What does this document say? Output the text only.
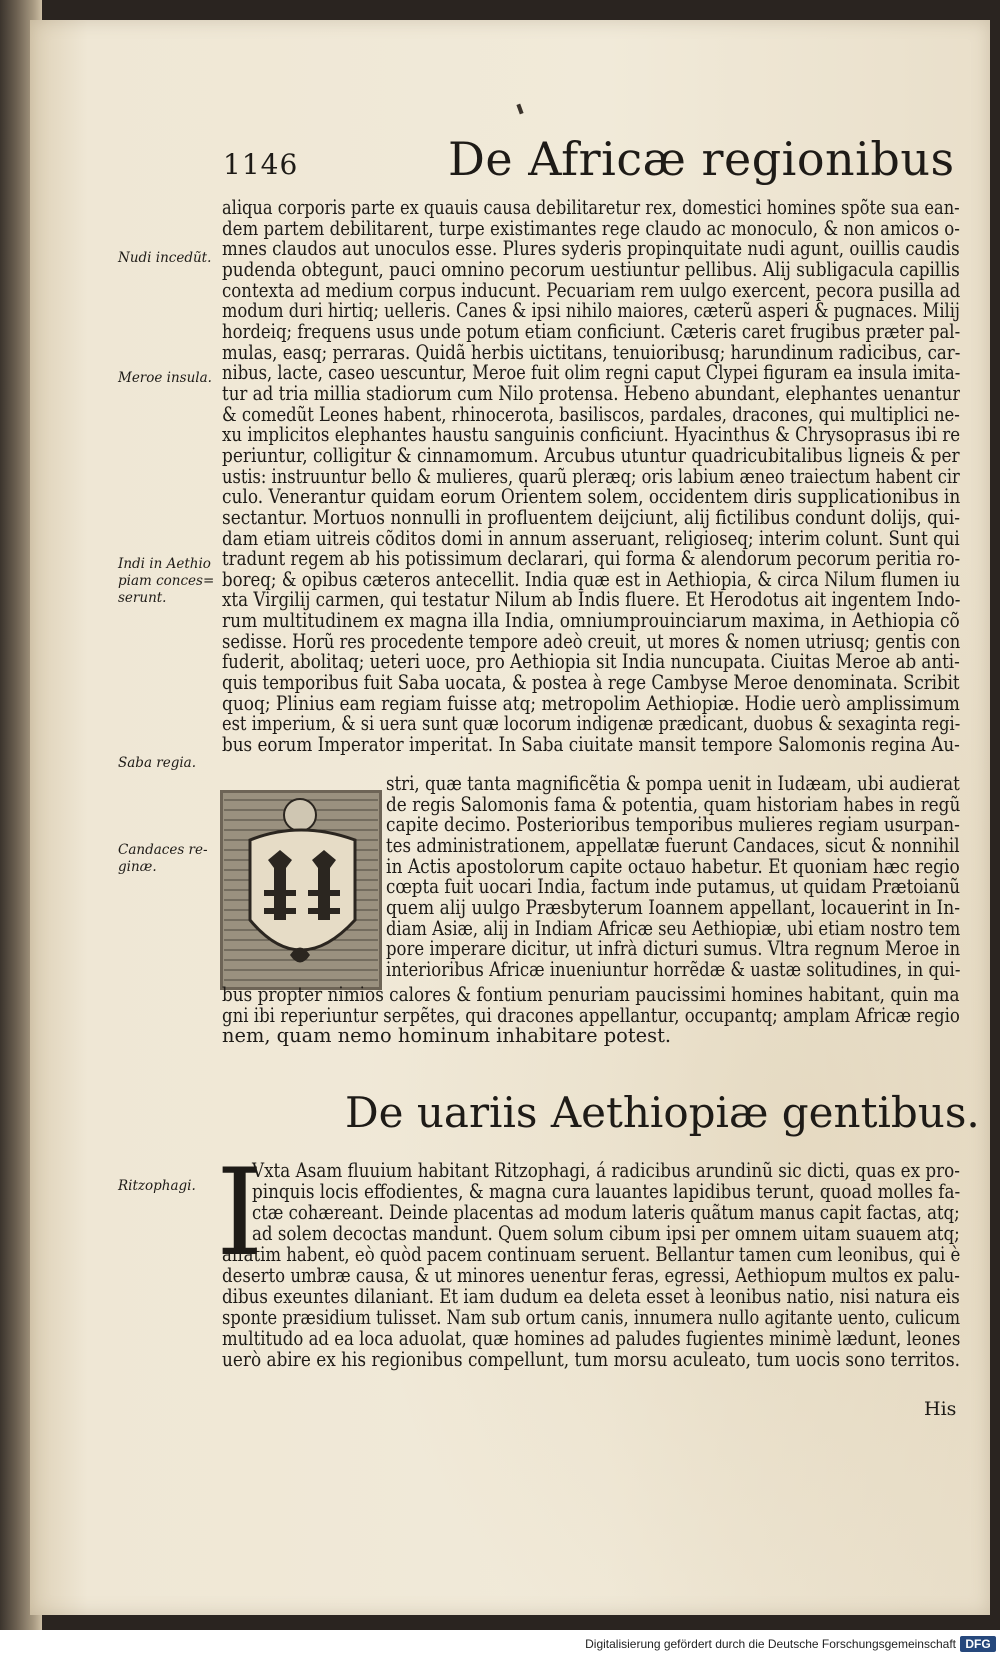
1146	De Africæ regionibus
Nudi incedũt.
Meroe insula.
Indi in Aethio
piam conces=
serunt.
Saba regia.
Candaces re-
ginæ.
Ritzophagi.
aliqua corporis parte ex quauis causa debilitaretur rex, domestici homines spõte sua ean-
dem partem debilitarent, turpe existimantes rege claudo ac monoculo, & non amicos o-
mnes claudos aut unoculos esse. Plures syderis propinquitate nudi agunt, ouillis caudis
pudenda obtegunt, pauci omnino pecorum uestiuntur pellibus. Alij subligacula capillis
contexta ad medium corpus inducunt. Pecuariam rem uulgo exercent, pecora pusilla ad
modum duri hirtiq; uelleris. Canes & ipsi nihilo maiores, cæterũ asperi & pugnaces. Milij
hordeiq; frequens usus unde potum etiam conficiunt. Cæteris caret frugibus præter pal-
mulas, easq; perraras. Quidã herbis uictitans, tenuioribusq; harundinum radicibus, car-
nibus, lacte, caseo uescuntur, Meroe fuit olim regni caput Clypei figuram ea insula imita-
tur ad tria millia stadiorum cum Nilo protensa. Hebeno abundant, elephantes uenantur
& comedũt Leones habent, rhinocerota, basiliscos, pardales, dracones, qui multiplici ne-
xu implicitos elephantes haustu sanguinis conficiunt. Hyacinthus & Chrysoprasus ibi re
periuntur, colligitur & cinnamomum. Arcubus utuntur quadricubitalibus ligneis & per
ustis: instruuntur bello & mulieres, quarũ pleræq; oris labium æneo traiectum habent cir
culo. Venerantur quidam eorum Orientem solem, occidentem diris supplicationibus in
sectantur. Mortuos nonnulli in profluentem deijciunt, alij fictilibus condunt dolijs, qui-
dam etiam uitreis cõditos domi in annum asseruant, religioseq; interim colunt. Sunt qui
tradunt regem ab his potissimum declarari, qui forma & alendorum pecorum peritia ro-
boreq; & opibus cæteros antecellit. India quæ est in Aethiopia, & circa Nilum flumen iu
xta Virgilij carmen, qui testatur Nilum ab Indis fluere. Et Herodotus ait ingentem Indo-
rum multitudinem ex magna illa India, omniumprouinciarum maxima, in Aethiopia cõ
sedisse. Horũ res procedente tempore adeò creuit, ut mores & nomen utriusq; gentis con
fuderit, abolitaq; ueteri uoce, pro Aethiopia sit India nuncupata. Ciuitas Meroe ab anti-
quis temporibus fuit Saba uocata, & postea à rege Cambyse Meroe denominata. Scribit
quoq; Plinius eam regiam fuisse atq; metropolim Aethiopiæ. Hodie uerò amplissimum
est imperium, & si uera sunt quæ locorum indigenæ prædicant, duobus & sexaginta regi-
bus eorum Imperator imperitat. In Saba ciuitate mansit tempore Salomonis regina Au-
stri, quæ tanta magnificẽtia & pompa uenit in Iudæam, ubi audierat
de regis Salomonis fama & potentia, quam historiam habes in regũ
capite decimo. Posterioribus temporibus mulieres regiam usurpan-
tes administrationem, appellatæ fuerunt Candaces, sicut & nonnihil
in Actis apostolorum capite octauo habetur. Et quoniam hæc regio
cœpta fuit uocari India, factum inde putamus, ut quidam Prætoianũ
quem alij uulgo Præsbyterum Ioannem appellant, locauerint in In-
diam Asiæ, alij in Indiam Africæ seu Aethiopiæ, ubi etiam nostro tem
pore imperare dicitur, ut infrà dicturi sumus. Vltra regnum Meroe in
interioribus Africæ inueniuntur horrẽdæ & uastæ solitudines, in qui-
bus propter nimios calores & fontium penuriam paucissimi homines habitant, quin ma
gni ibi reperiuntur serpẽtes, qui dracones appellantur, occupantq; amplam Africæ regio
nem, quam nemo hominum inhabitare potest.
De uariis Aethiopiæ gentibus.
I
Vxta Asam fluuium habitant Ritzophagi, á radicibus arundinũ sic dicti, quas ex pro-
pinquis locis effodientes, & magna cura lauantes lapidibus terunt, quoad molles fa-
ctæ cohæreant. Deinde placentas ad modum lateris quãtum manus capit factas, atq;
ad solem decoctas mandunt. Quem solum cibum ipsi per omnem uitam suauem atq;
affatim habent, eò quòd pacem continuam seruent. Bellantur tamen cum leonibus, qui è
deserto umbræ causa, & ut minores uenentur feras, egressi, Aethiopum multos ex palu-
dibus exeuntes dilaniant. Et iam dudum ea deleta esset à leonibus natio, nisi natura eis
sponte præsidium tulisset. Nam sub ortum canis, innumera nullo agitante uento, culicum
multitudo ad ea loca aduolat, quæ homines ad paludes fugientes minimè lædunt, leones
uerò abire ex his regionibus compellunt, tum morsu aculeato, tum uocis sono territos.
His
Digitalisierung gefördert durch die Deutsche Forschungsgemeinschaft DFG
